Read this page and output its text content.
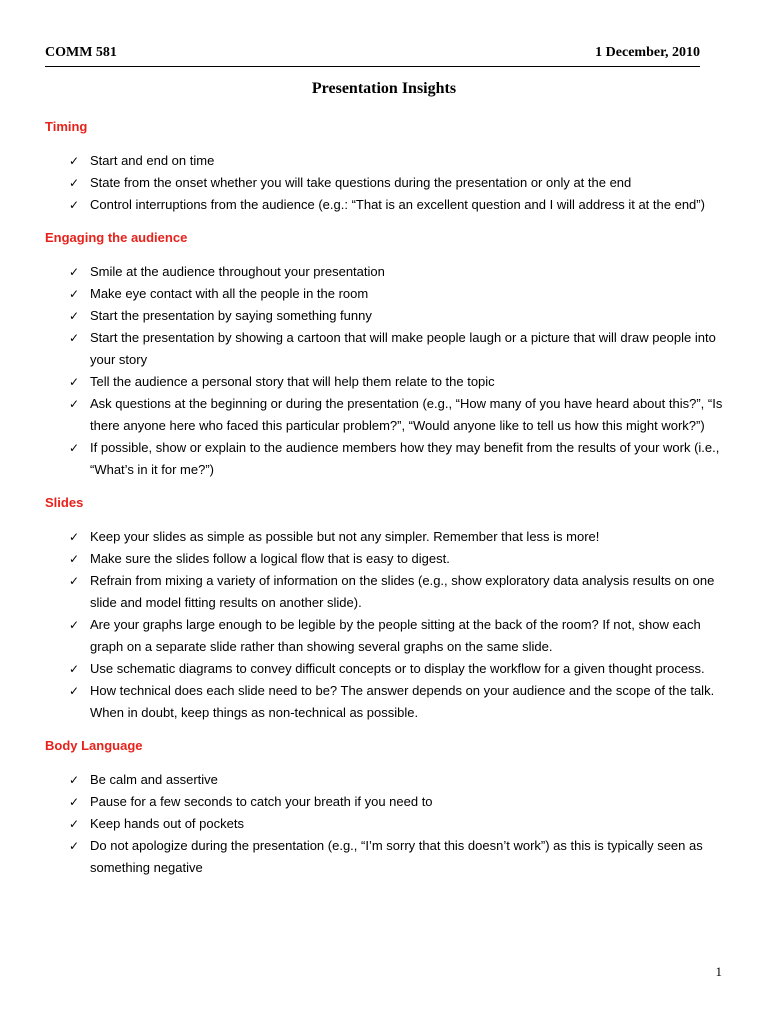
COMM 581	1 December, 2010
Presentation Insights
Timing
✓ Start and end on time
✓ State from the onset whether you will take questions during the presentation or only at the end
✓ Control interruptions from the audience (e.g.: “That is an excellent question and I will address it at the end”)
Engaging the audience
✓ Smile at the audience throughout your presentation
✓ Make eye contact with all the people in the room
✓ Start the presentation by saying something funny
✓ Start the presentation by showing a cartoon that will make people laugh or a picture that will draw people into your story
✓ Tell the audience a personal story that will help them relate to the topic
✓ Ask questions at the beginning or during the presentation (e.g., “How many of you have heard about this?”, “Is there anyone here who faced this particular problem?”, “Would anyone like to tell us how this might work?”)
✓ If possible, show or explain to the audience members how they may benefit from the results of your work (i.e., “What’s in it for me?”)
Slides
✓ Keep your slides as simple as possible but not any simpler. Remember that less is more!
✓ Make sure the slides follow a logical flow that is easy to digest.
✓ Refrain from mixing a variety of information on the slides (e.g., show exploratory data analysis results on one slide and model fitting results on another slide).
✓ Are your graphs large enough to be legible by the people sitting at the back of the room? If not, show each graph on a separate slide rather than showing several graphs on the same slide.
✓ Use schematic diagrams to convey difficult concepts or to display the workflow for a given thought process.
✓ How technical does each slide need to be? The answer depends on your audience and the scope of the talk. When in doubt, keep things as non-technical as possible.
Body Language
✓ Be calm and assertive
✓ Pause for a few seconds to catch your breath if you need to
✓ Keep hands out of pockets
✓ Do not apologize during the presentation (e.g., “I’m sorry that this doesn’t work”) as this is typically seen as something negative
1
